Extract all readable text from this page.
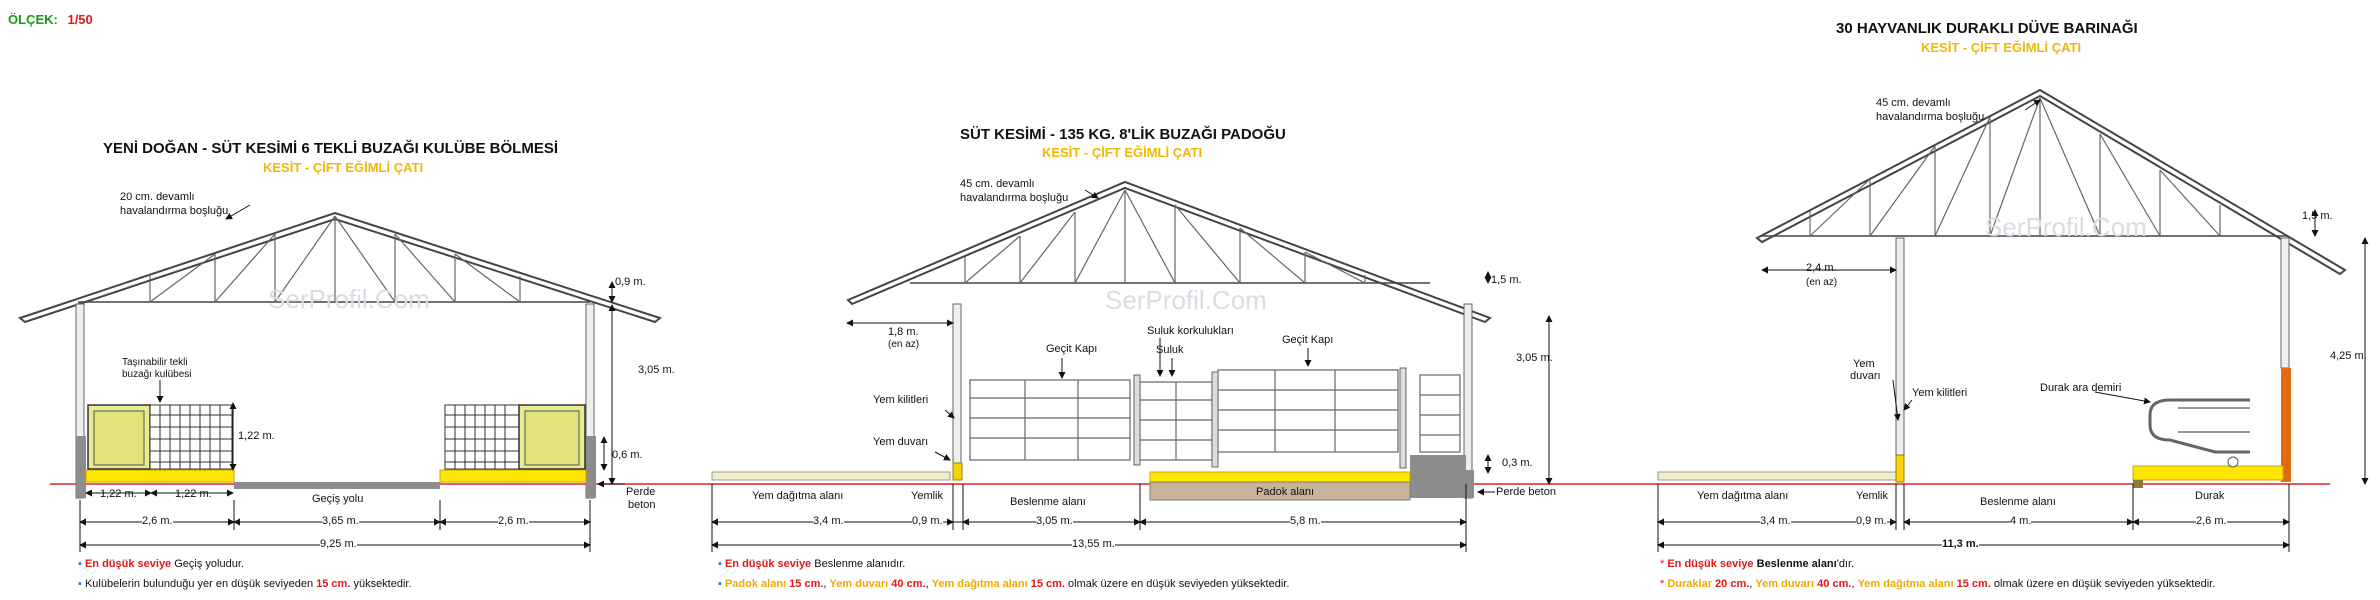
SerProfil.Com	SerProfil.Com
SerProfil.Com
ÖLÇEK: 1/50
YENİ DOĞAN - SÜT KESİMİ 6 TEKLİ BUZAĞI KULÜBE BÖLMESİ
KESİT - ÇİFT EĞİMLİ ÇATI
20 cm. devamlı
havalandırma boşluğu
0,9 m.
3,05 m.
1,22 m.
0,6 m.
Taşınabilir tekli
buzağı kulübesi
1,22 m.	1,22 m.	Geçiş yolu
Perde
beton
2,6 m.	3,65 m.	2,6 m.
9,25 m.
▪ En düşük seviye Geçiş yoludur.
▪ Kulübelerin bulunduğu yer en düşük seviyeden 15 cm. yüksektedir.
SÜT KESİMİ - 135 KG. 8'LİK BUZAĞI PADOĞU
KESİT - ÇİFT EĞİMLİ ÇATI
45 cm. devamlı
havalandırma boşluğu
1,8 m.
(en az)
1,5 m.
3,05 m.
0,3 m.
Geçit Kapı
Geçit Kapı
Suluk korkulukları
Suluk
Yem kilitleri
Yem duvarı
Yem dağıtma alanı	Yemlik	Beslenme alanı
Padok alanı	Perde beton
3,4 m.	0,9 m.	3,05 m.	5,8 m.
13,55 m.
▪ En düşük seviye Beslenme alanıdır.
▪ Padok alanı 15 cm., Yem duvarı 40 cm., Yem dağıtma alanı 15 cm. olmak üzere en düşük seviyeden yüksektedir.
30 HAYVANLIK DURAKLI DÜVE BARINAĞI
KESİT - ÇİFT EĞİMLİ ÇATI
45 cm. devamlı
havalandırma boşluğu
1,5 m.
2,4 m.
(en az)
4,25 m.
Yem
duvarı
Yem kilitleri	Durak ara demiri
Yem dağıtma alanı	Yemlik	Beslenme alanı	Durak
3,4 m.	0,9 m.	4 m.	2,6 m.
11,3 m.
* En düşük seviye Beslenme alanı'dır.
* Duraklar 20 cm., Yem duvarı 40 cm., Yem dağıtma alanı 15 cm. olmak üzere en düşük seviyeden yüksektedir.
